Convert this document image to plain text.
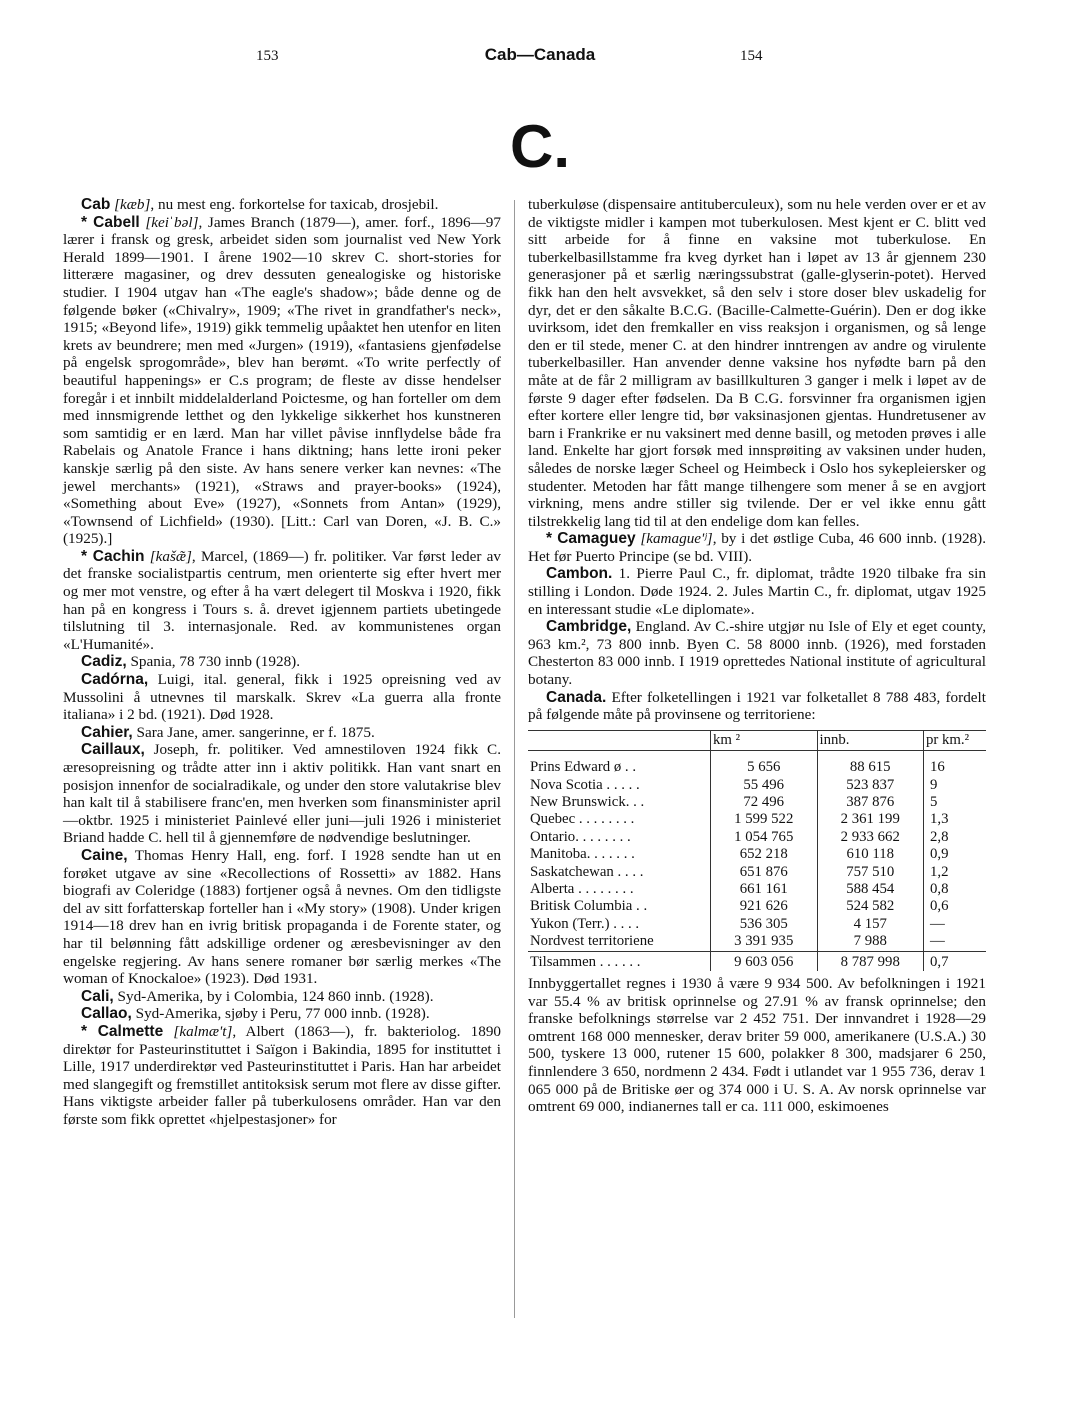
153	Cab—Canada	154
C.

Cab [kæb], nu mest eng. forkortelse for taxicab, drosjebil.

* Cabell [keiˈbəl], James Branch (1879—), amer. forf., 1896—97 lærer i fransk og gresk, arbeidet siden som journalist ved New York Herald 1899—1901. I årene 1902—10 skrev C. short-stories for litterære magasiner, og drev dessuten genealogiske og historiske studier. I 1904 utgav han «The eagle's shadow»; både denne og de følgende bøker («Chivalry», 1909; «The rivet in grandfather's neck», 1915; «Beyond life», 1919) gikk temmelig upåaktet hen utenfor en liten krets av beundrere; men med «Jurgen» (1919), «fantasiens gjenfødelse på engelsk sprogområde», blev han berømt. «To write perfectly of beautiful happenings» er C.s program; de fleste av disse hendelser foregår i et innbilt middelalderland Poictesme, og han forteller om dem med innsmigrende letthet og den lykkelige sikkerhet hos kunstneren som samtidig er en lærd. Man har villet påvise innflydelse både fra Rabelais og Anatole France i hans diktning; hans lette ironi peker kanskje særlig på den siste. Av hans senere verker kan nevnes: «The jewel merchants» (1921), «Straws and prayer-books» (1924), «Something about Eve» (1927), «Sonnets from Antan» (1929), «Townsend of Lichfield» (1930). [Litt.: Carl van Doren, «J. B. C.» (1925).]

* Cachin [kašæ̃], Marcel, (1869—) fr. politiker. Var først leder av det franske socialistpartis centrum, men orienterte sig efter hvert mer og mer mot venstre, og efter å ha vært delegert til Moskva i 1920, fikk han på en kongress i Tours s. å. drevet igjennem partiets ubetingede tilslutning til 3. internasjonale. Red. av kommunistenes organ «L'Humanité».

Cadiz, Spania, 78 730 innb (1928).

Cadórna, Luigi, ital. general, fikk i 1925 opreisning ved av Mussolini å utnevnes til marskalk. Skrev «La guerra alla fronte italiana» i 2 bd. (1921). Død 1928.

Cahier, Sara Jane, amer. sangerinne, er f. 1875.

Caillaux, Joseph, fr. politiker. Ved amnestiloven 1924 fikk C. æresopreisning og trådte atter inn i aktiv politikk. Han vant snart en posisjon innenfor de socialradikale, og under den store valutakrise blev han kalt til å stabilisere franc'en, men hverken som finansminister april—oktbr. 1925 i ministeriet Painlevé eller juni—juli 1926 i ministeriet Briand hadde C. hell til å gjennemføre de nødvendige beslutninger.

Caine, Thomas Henry Hall, eng. forf. I 1928 sendte han ut en forøket utgave av sine «Recollections of Rossetti» av 1882. Hans biografi av Coleridge (1883) fortjener også å nevnes. Om den tidligste del av sitt forfatterskap forteller han i «My story» (1908). Under krigen 1914—18 drev han en ivrig britisk propaganda i de Forente stater, og har til belønning fått adskillige ordener og æresbevisninger av den engelske regjering. Av hans senere romaner bør særlig merkes «The woman of Knockaloe» (1923). Død 1931.

Cali, Syd-Amerika, by i Colombia, 124 860 innb. (1928).

Callao, Syd-Amerika, sjøby i Peru, 77 000 innb. (1928).

* Calmette [kalmæ't], Albert (1863—), fr. bakteriolog. 1890 direktør for Pasteurinstituttet i Saïgon i Bakindia, 1895 for instituttet i Lille, 1917 underdirektør ved Pasteurinstituttet i Paris. Han har arbeidet med slangegift og fremstillet antitoksisk serum mot flere av disse gifter. Hans viktigste arbeider faller på tuberkulosens områder. Han var den første som fikk oprettet «hjelpestasjoner» for

tuberkuløse (dispensaire antituberculeux), som nu hele verden over er et av de viktigste midler i kampen mot tuberkulosen. Mest kjent er C. blitt ved sitt arbeide for å finne en vaksine mot tuberkulose. En tuberkelbasillstamme fra kveg dyrket han i løpet av 13 år gjennem 230 generasjoner på et særlig næringssubstrat (galle-glyserin-potet). Herved fikk han den helt avsvekket, så den selv i store doser blev uskadelig for dyr, det er den såkalte B.C.G. (Bacille-Calmette-Guérin). Den er dog ikke uvirksom, idet den fremkaller en viss reaksjon i organismen, og så lenge den er til stede, mener C. at den hindrer inntrengen av andre og virulente tuberkelbasiller. Han anvender denne vaksine hos nyfødte barn på den måte at de får 2 milligram av basillkulturen 3 ganger i melk i løpet av de første 9 dager efter fødselen. Da B C.G. forsvinner fra organismen igjen efter kortere eller lengre tid, bør vaksinasjonen gjentas. Hundretusener av barn i Frankrike er nu vaksinert med denne basill, og metoden prøves i alle land. Enkelte har gjort forsøk med innsprøiting av vaksinen under huden, således de norske læger Scheel og Heimbeck i Oslo hos sykepleiersker og studenter. Metoden har fått mange tilhengere som mener å se en avgjort virkning, mens andre stiller sig tvilende. Der er vel ikke ennu gått tilstrekkelig lang tid til at den endelige dom kan felles.

* Camaguey [kamague'ʲ], by i det østlige Cuba, 46 600 innb. (1928). Het før Puerto Principe (se bd. VIII).

Cambon. 1. Pierre Paul C., fr. diplomat, trådte 1920 tilbake fra sin stilling i London. Døde 1924. 2. Jules Martin C., fr. diplomat, utgav 1925 en interessant studie «Le diplomate».

Cambridge, England. Av C.-shire utgjør nu Isle of Ely et eget county, 963 km.², 73 800 innb. Byen C. 58 8000 innb. (1926), med forstaden Chesterton 83 000 innb. I 1919 oprettedes National institute of agricultural botany.

Canada. Efter folketellingen i 1921 var folketallet 8 788 483, fordelt på følgende måte på provinsene og territoriene:

	km ²	innb.	pr km.²
Prins Edward ø . .	5 656	88 615	16
Nova Scotia . . . . .	55 496	523 837	9
New Brunswick. . .	72 496	387 876	5
Quebec . . . . . . . .	1 599 522	2 361 199	1,3
Ontario. . . . . . . .	1 054 765	2 933 662	2,8
Manitoba. . . . . . .	652 218	610 118	0,9
Saskatchewan . . . .	651 876	757 510	1,2
Alberta . . . . . . . .	661 161	588 454	0,8
Britisk Columbia . .	921 626	524 582	0,6
Yukon (Terr.) . . . .	536 305	4 157	—
Nordvest territoriene	3 391 935	7 988	—
Tilsammen . . . . . .	9 603 056	8 787 998	0,7

Innbyggertallet regnes i 1930 å være 9 934 500. Av befolkningen i 1921 var 55.4 % av britisk oprinnelse og 27.91 % av fransk oprinnelse; den franske befolknings størrelse var 2 452 751. Der innvandret i 1928—29 omtrent 168 000 mennesker, derav briter 59 000, amerikanere (U.S.A.) 30 500, tyskere 13 000, rutener 15 600, polakker 8 300, madsjarer 6 250, finnlendere 3 650, nordmenn 2 434. Født i utlandet var 1 955 736, derav 1 065 000 på de Britiske øer og 374 000 i U. S. A. Av norsk oprinnelse var omtrent 69 000, indianernes tall er ca. 111 000, eskimoenes
